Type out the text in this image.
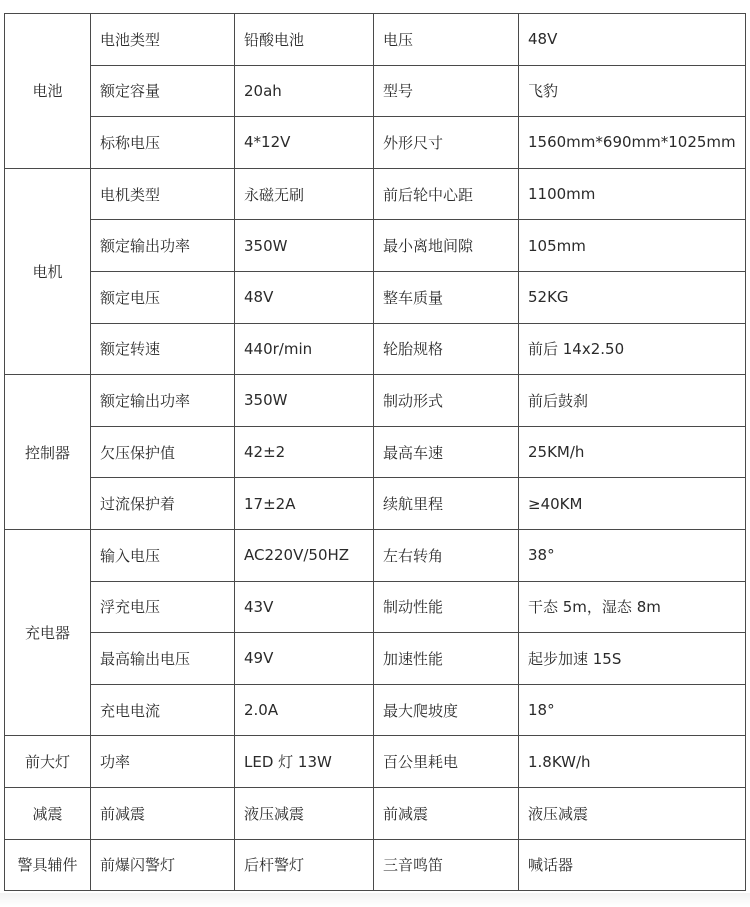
电池	电池类型	铅酸电池	电压	48V
	额定容量	20ah	型号	飞豹
	标称电压	4*12V	外形尺寸	1560mm*690mm*1025mm
电机	电机类型	永磁无刷	前后轮中心距	1100mm
	额定输出功率	350W	最小离地间隙	105mm
	额定电压	48V	整车质量	52KG
	额定转速	440r/min	轮胎规格	前后 14x2.50
控制器	额定输出功率	350W	制动形式	前后鼓刹
	欠压保护值	42±2	最高车速	25KM/h
	过流保护着	17±2A	续航里程	≥40KM
充电器	输入电压	AC220V/50HZ	左右转角	38°
	浮充电压	43V	制动性能	干态 5m，湿态 8m
	最高输出电压	49V	加速性能	起步加速 15S
	充电电流	2.0A	最大爬坡度	18°
前大灯	功率	LED 灯 13W	百公里耗电	1.8KW/h
减震	前减震	液压减震	前减震	液压减震
警具辅件	前爆闪警灯	后杆警灯	三音鸣笛	喊话器
